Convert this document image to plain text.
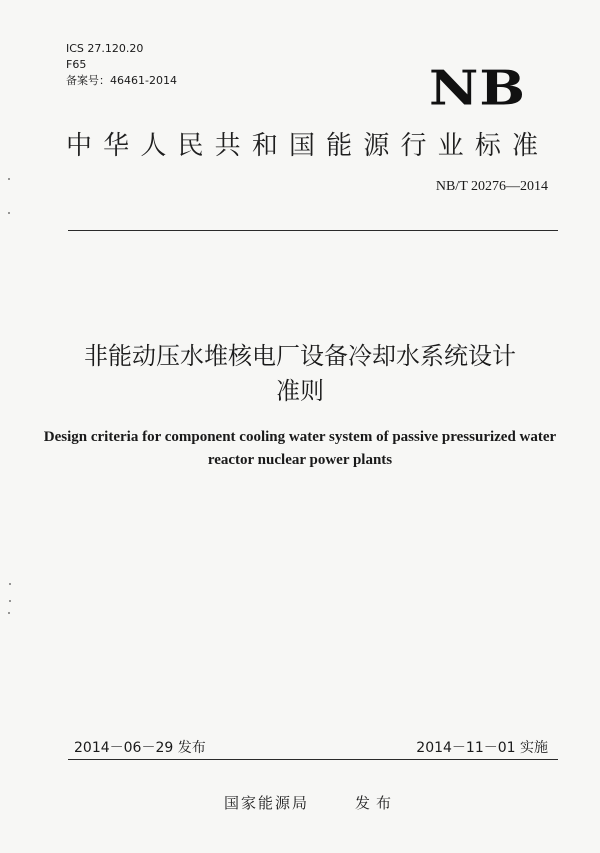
ICS 27.120.20
F65
备案号：46461-2014	NB
中华人民共和国能源行业标准
NB/T 20276—2014
非能动压水堆核电厂设备冷却水系统设计
准则
Design criteria for component cooling water system of passive pressurized water
reactor nuclear power plants
2014－06－29 发布	2014－11－01 实施
国家能源局	发布
